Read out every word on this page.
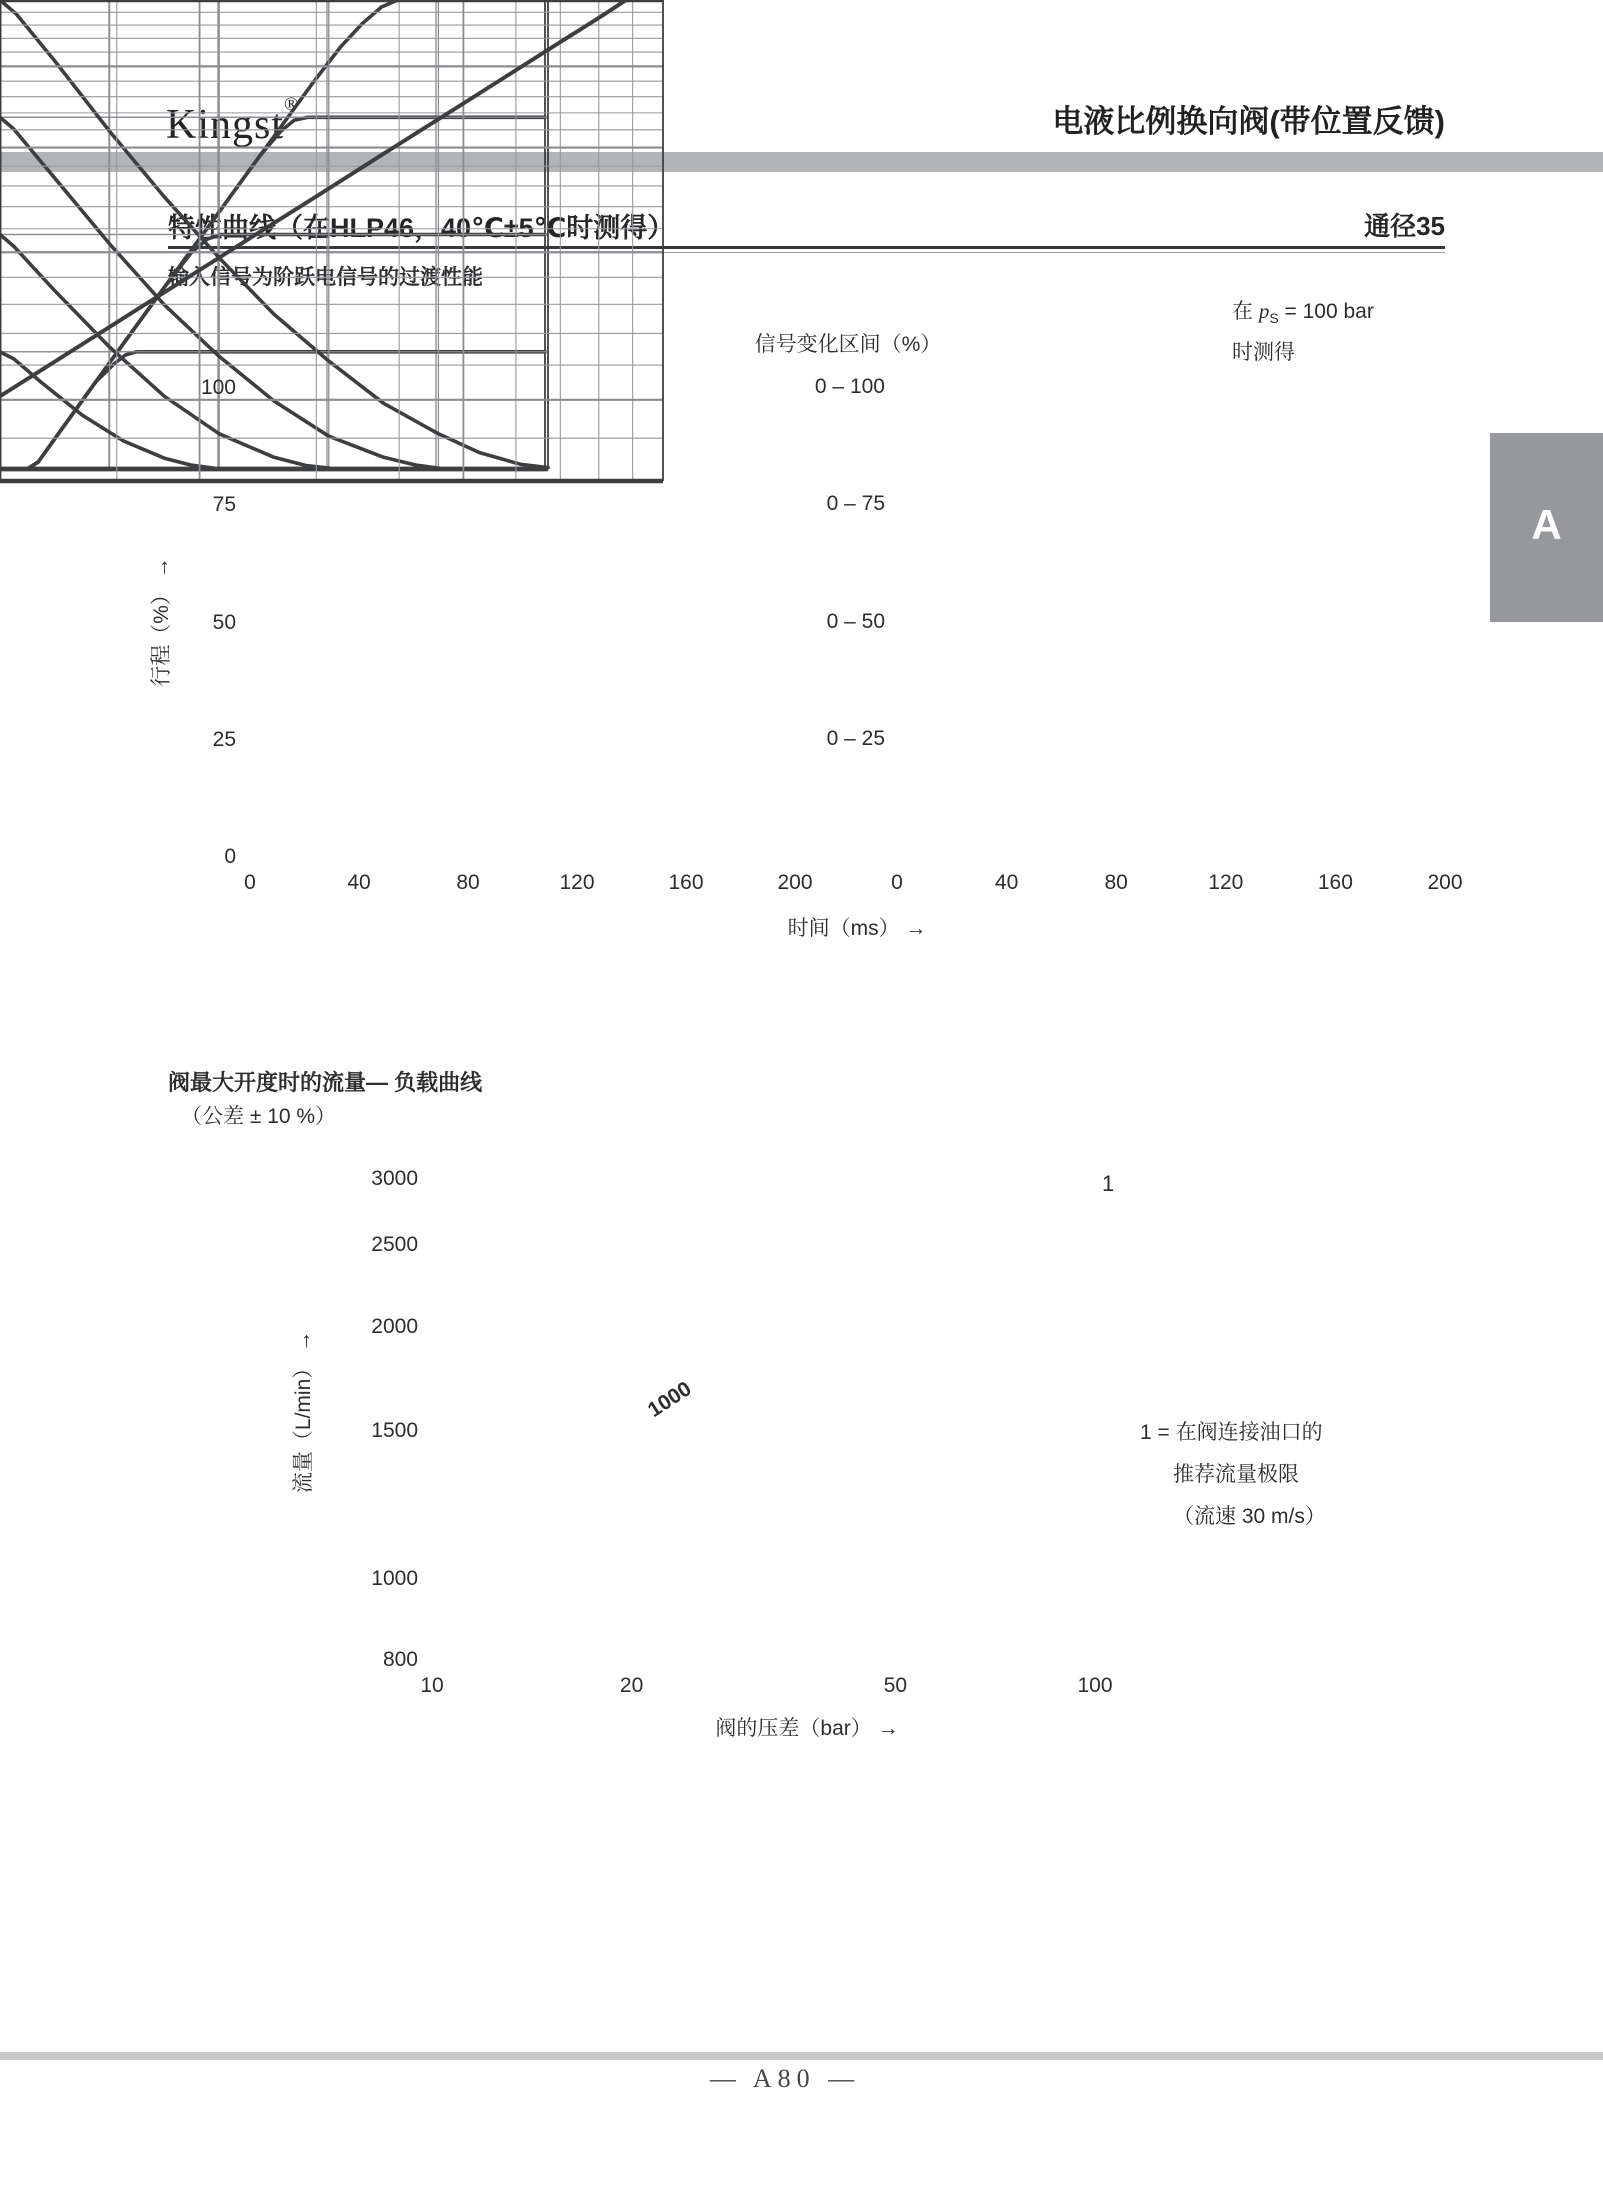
Kingst®	电液比例换向阀(带位置反馈)
特性曲线（在HLP46，40℃±5℃时测得）	通径35
输入信号为阶跃电信号的过渡性能
在 $p_S = 100$ bar
时测得
信号变化区间（%）
行程（%） →
时间（ms） →
A
阀最大开度时的流量— 负载曲线
（公差 ± 10 %）
流量（L/min） →	1000
1
1 = 在阀连接油口的
推荐流量极限
（流速 30 m/s）
阀的压差（bar） →
— A80 —
0	40	80	120	160	200
0
25
50
75
100
0	40	80	120	160	200
0 – 100
0 – 75
0 – 50
0 – 25
10	20	50	100
800
1000
1500
2000
2500
3000
